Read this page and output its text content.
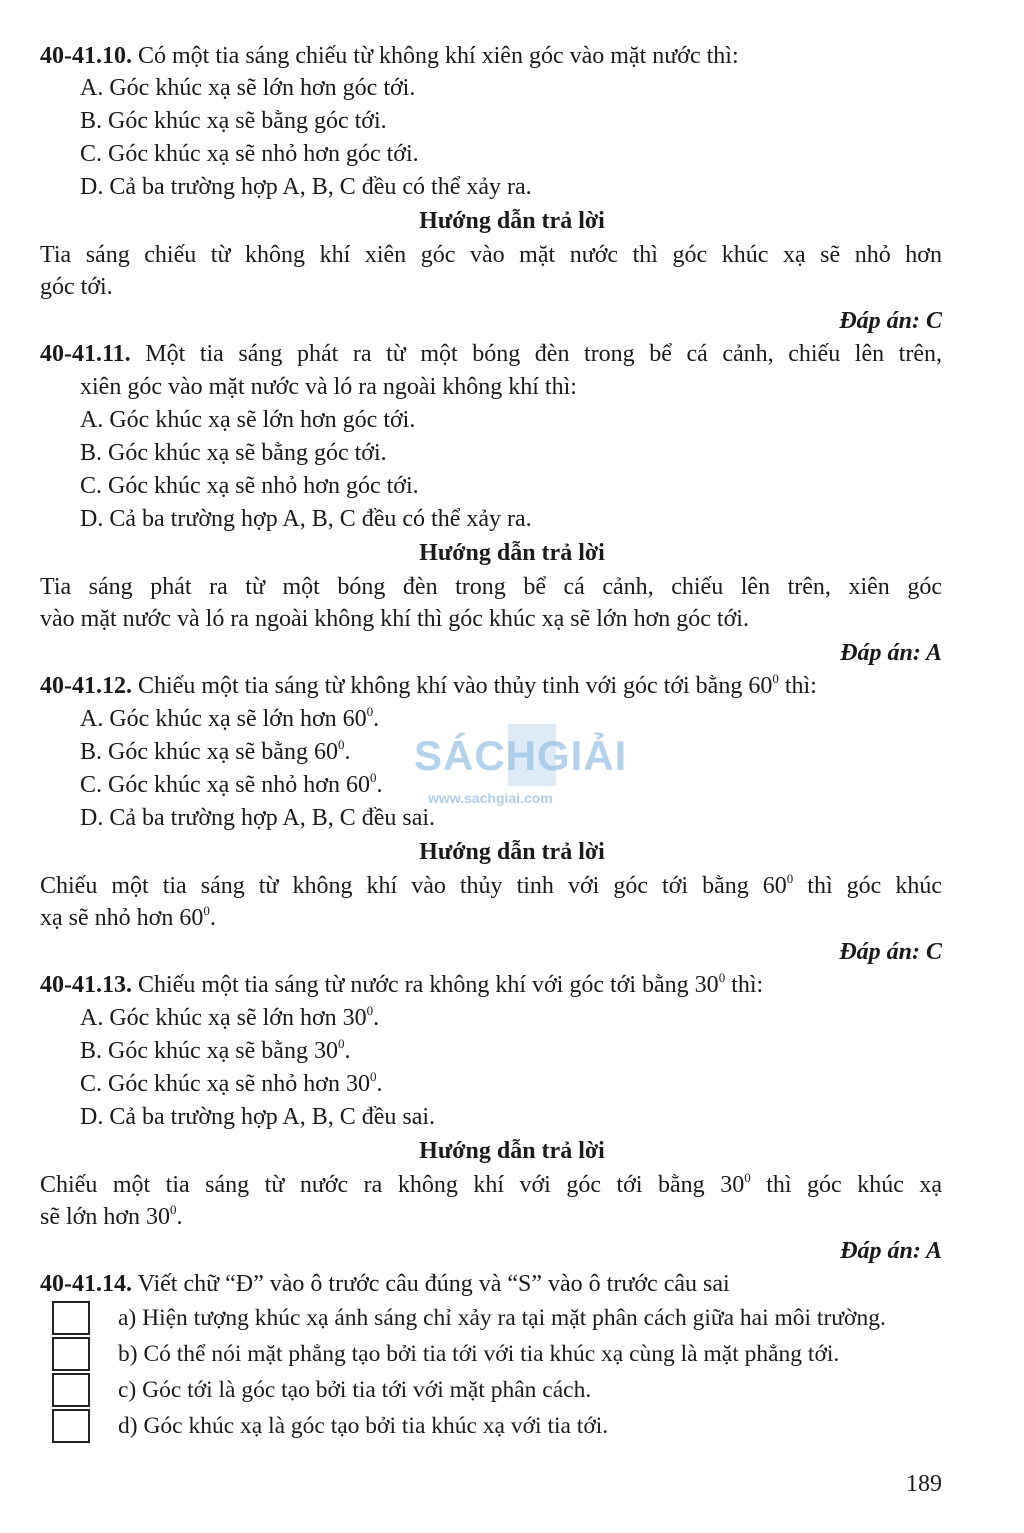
40-41.10. Có một tia sáng chiếu từ không khí xiên góc vào mặt nước thì:
A. Góc khúc xạ sẽ lớn hơn góc tới.
B. Góc khúc xạ sẽ bằng góc tới.
C. Góc khúc xạ sẽ nhỏ hơn góc tới.
D. Cả ba trường hợp A, B, C đều có thể xảy ra.
Hướng dẫn trả lời
Tia sáng chiếu từ không khí xiên góc vào mặt nước thì góc khúc xạ sẽ nhỏ hơn
góc tới.
Đáp án: C
40-41.11. Một tia sáng phát ra từ một bóng đèn trong bể cá cảnh, chiếu lên trên,
xiên góc vào mặt nước và ló ra ngoài không khí thì:
A. Góc khúc xạ sẽ lớn hơn góc tới.
B. Góc khúc xạ sẽ bằng góc tới.
C. Góc khúc xạ sẽ nhỏ hơn góc tới.
D. Cả ba trường hợp A, B, C đều có thể xảy ra.
Hướng dẫn trả lời
Tia sáng phát ra từ một bóng đèn trong bể cá cảnh, chiếu lên trên, xiên góc
vào mặt nước và ló ra ngoài không khí thì góc khúc xạ sẽ lớn hơn góc tới.
Đáp án: A
40-41.12. Chiếu một tia sáng từ không khí vào thủy tinh với góc tới bằng $60^0$ thì:
A. Góc khúc xạ sẽ lớn hơn $60^0$.
B. Góc khúc xạ sẽ bằng $60^0$.
C. Góc khúc xạ sẽ nhỏ hơn $60^0$.
D. Cả ba trường hợp A, B, C đều sai.
Hướng dẫn trả lời
Chiếu một tia sáng từ không khí vào thủy tinh với góc tới bằng $60^0$ thì góc khúc
xạ sẽ nhỏ hơn $60^0$.
Đáp án: C
40-41.13. Chiếu một tia sáng từ nước ra không khí với góc tới bằng $30^0$ thì:
A. Góc khúc xạ sẽ lớn hơn $30^0$.
B. Góc khúc xạ sẽ bằng $30^0$.
C. Góc khúc xạ sẽ nhỏ hơn $30^0$.
D. Cả ba trường hợp A, B, C đều sai.
Hướng dẫn trả lời
Chiếu một tia sáng từ nước ra không khí với góc tới bằng $30^0$ thì góc khúc xạ
sẽ lớn hơn $30^0$.
Đáp án: A
40-41.14. Viết chữ “Đ” vào ô trước câu đúng và “S” vào ô trước câu sai
a) Hiện tượng khúc xạ ánh sáng chỉ xảy ra tại mặt phân cách giữa hai môi trường.
b) Có thể nói mặt phẳng tạo bởi tia tới với tia khúc xạ cùng là mặt phẳng tới.
c) Góc tới là góc tạo bởi tia tới với mặt phân cách.
d) Góc khúc xạ là góc tạo bởi tia khúc xạ với tia tới.
SÁCHGIẢI
www.sachgiai.com
189
